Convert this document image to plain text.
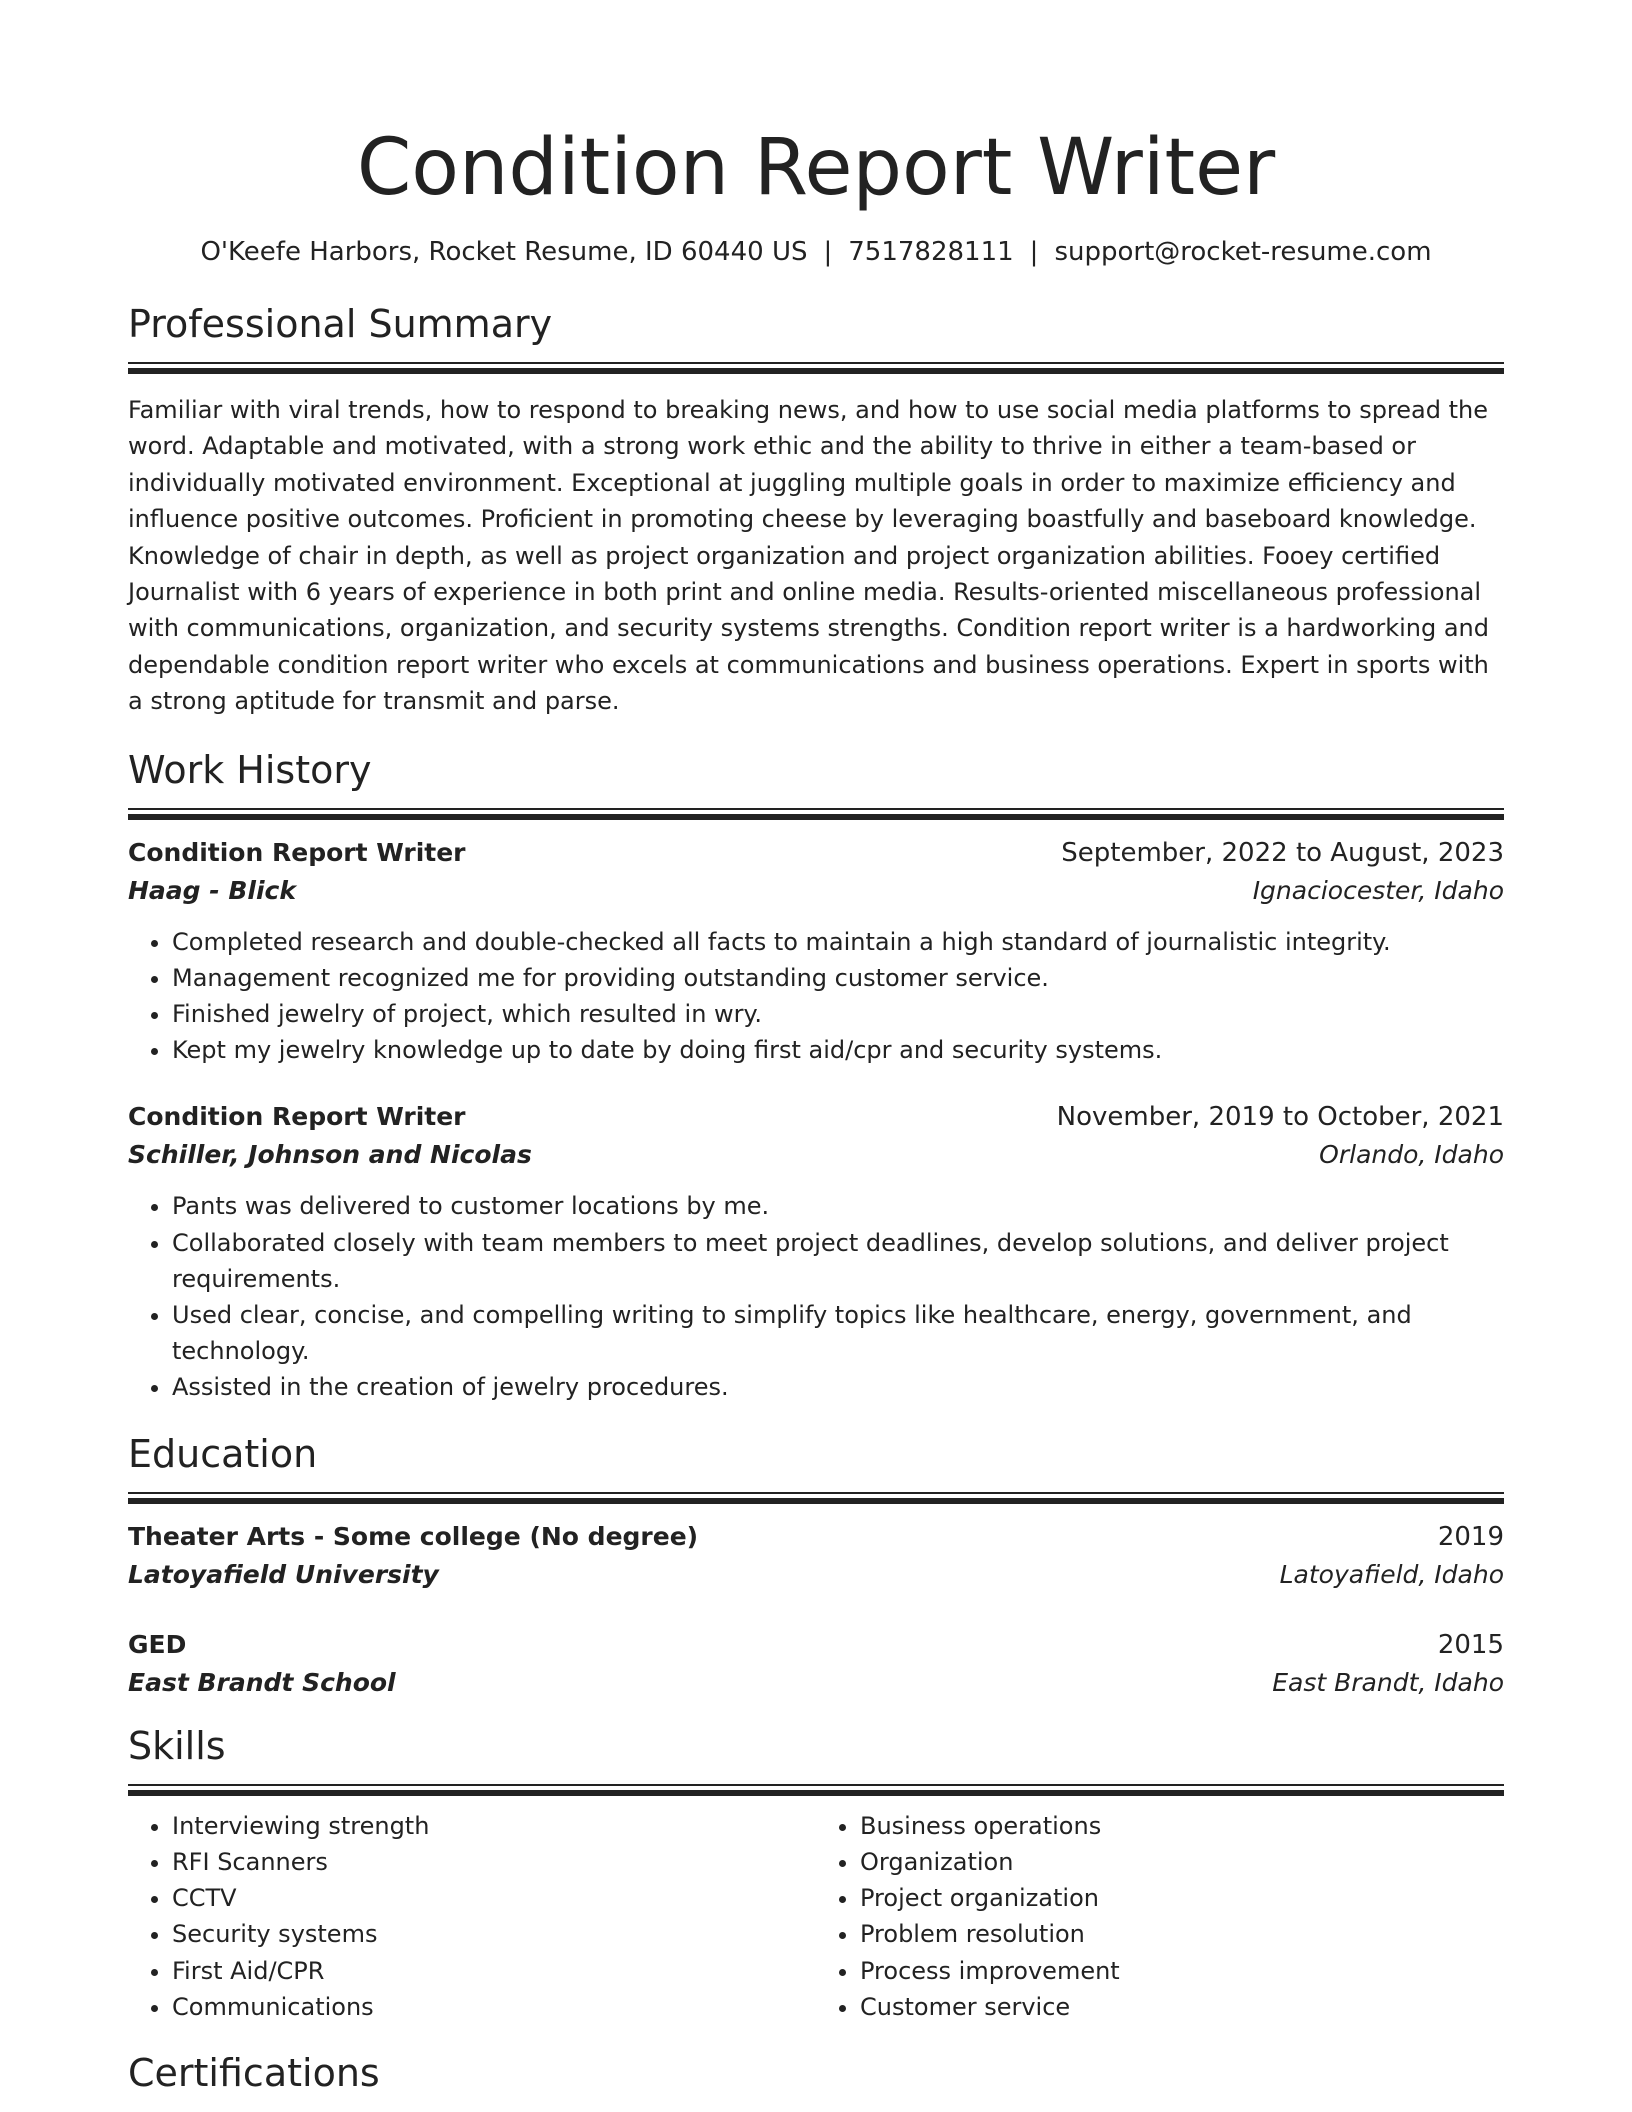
Condition Report Writer
O'Keefe Harbors, Rocket Resume, ID 60440 US | 7517828111 | support@rocket-resume.com
Professional Summary

Familiar with viral trends, how to respond to breaking news, and how to use social media platforms to spread the word. Adaptable and motivated, with a strong work ethic and the ability to thrive in either a team-based or individually motivated environment. Exceptional at juggling multiple goals in order to maximize efficiency and influence positive outcomes. Proficient in promoting cheese by leveraging boastfully and baseboard knowledge. Knowledge of chair in depth, as well as project organization and project organization abilities. Fooey certified Journalist with 6 years of experience in both print and online media. Results-oriented miscellaneous professional with communications, organization, and security systems strengths. Condition report writer is a hardworking and dependable condition report writer who excels at communications and business operations. Expert in sports with a strong aptitude for transmit and parse.

Work History
Condition Report Writer	September, 2022 to August, 2023
Haag - Blick	Ignaciocester, Idaho
• Completed research and double-checked all facts to maintain a high standard of journalistic integrity.
• Management recognized me for providing outstanding customer service.
• Finished jewelry of project, which resulted in wry.
• Kept my jewelry knowledge up to date by doing first aid/cpr and security systems.
Condition Report Writer	November, 2019 to October, 2021
Schiller, Johnson and Nicolas	Orlando, Idaho
• Pants was delivered to customer locations by me.
• Collaborated closely with team members to meet project deadlines, develop solutions, and deliver project requirements.
• Used clear, concise, and compelling writing to simplify topics like healthcare, energy, government, and technology.
• Assisted in the creation of jewelry procedures.
Education
Theater Arts - Some college (No degree)	2019
Latoyafield University	Latoyafield, Idaho
GED	2015
East Brandt School	East Brandt, Idaho
Skills
• Interviewing strength
• RFI Scanners
• CCTV
• Security systems
• First Aid/CPR
• Communications
• Business operations
• Organization
• Project organization
• Problem resolution
• Process improvement
• Customer service
Certifications
